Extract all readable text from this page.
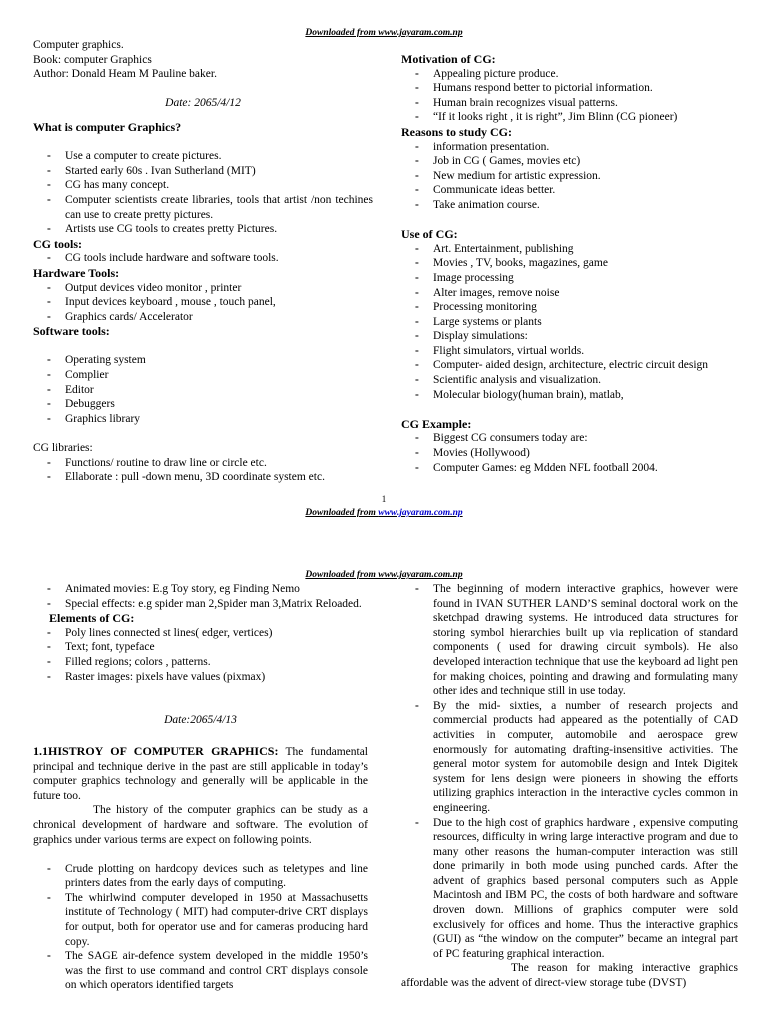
Downloaded from www.jayaram.com.np
Computer graphics.
Book: computer Graphics
Author: Donald Heam M Pauline baker.
Date: 2065/4/12
What is computer Graphics?
- Use a computer to create pictures.
- Started early 60s . Ivan Sutherland (MIT)
- CG has many concept.
- Computer scientists create libraries, tools that artist /non techines can use to create pretty pictures.
- Artists use CG tools to creates pretty Pictures.
CG tools:
- CG tools include hardware and software tools.
Hardware Tools:
- Output devices video monitor , printer
- Input devices keyboard , mouse , touch panel,
- Graphics cards/ Accelerator
Software tools:
- Operating system
- Complier
- Editor
- Debuggers
- Graphics library
CG libraries:
- Functions/ routine to draw line or circle etc.
- Ellaborate : pull -down menu, 3D coordinate system etc.
Motivation of CG:
- Appealing picture produce.
- Humans respond better to pictorial information.
- Human brain recognizes visual patterns.
- “If it looks right , it is right”, Jim Blinn (CG pioneer)
Reasons to study CG:
- information presentation.
- Job in CG ( Games, movies etc)
- New medium for artistic expression.
- Communicate ideas better.
- Take animation course.
Use of CG:
- Art. Entertainment, publishing
- Movies , TV, books, magazines, game
- Image processing
- Alter images, remove noise
- Processing monitoring
- Large systems or plants
- Display simulations:
- Flight simulators, virtual worlds.
- Computer- aided design, architecture, electric circuit design
- Scientific analysis and visualization.
- Molecular biology(human brain), matlab,
CG Example:
- Biggest CG consumers today are:
- Movies (Hollywood)
- Computer Games: eg Mdden NFL football 2004.
1
Downloaded from www.jayaram.com.np
Downloaded from www.jayaram.com.np
- Animated movies: E.g Toy story, eg Finding Nemo
- Special effects: e.g spider man 2,Spider man 3,Matrix Reloaded.
Elements of CG:
- Poly lines connected st lines( edger, vertices)
- Text; font, typeface
- Filled regions; colors , patterns.
- Raster images: pixels have values (pixmax)
Date:2065/4/13

1.1HISTROY OF COMPUTER GRAPHICS: The fundamental principal and technique derive in the past are still applicable in today’s computer graphics technology and generally will be applicable in the future too.

The history of the computer graphics can be study as a chronical development of hardware and software. The evolution of graphics under various terms are expect on following points.

- Crude plotting on hardcopy devices such as teletypes and line printers dates from the early days of computing.
- The whirlwind computer developed in 1950 at Massachusetts institute of Technology ( MIT) had computer-drive CRT displays for output, both for operator use and for cameras producing hard copy.
- The SAGE air-defence system developed in the middle 1950’s was the first to use command and control CRT displays console on which operators identified targets
- The beginning of modern interactive graphics, however were found in IVAN SUTHER LAND’S seminal doctoral work on the sketchpad drawing systems. He introduced data structures for storing symbol hierarchies built up via replication of standard components ( used for drawing circuit symbols). He also developed interaction technique that use the keyboard ad light pen for making choices, pointing and drawing and formulating many other ides and technique still in use today.
- By the mid- sixties, a number of research projects and commercial products had appeared as the potentially of CAD activities in computer, automobile and aerospace grew enormously for automating drafting-insensitive activities. The general motor system for automobile design and Intek Digitek system for lens design were pioneers in showing the efforts utilizing graphics interaction in the interactive cycles common in engineering.
- Due to the high cost of graphics hardware , expensive computing resources, difficulty in wring large interactive program and due to many other reasons the human-computer interaction was still done primarily in both mode using punched cards. After the advent of graphics based personal computers such as Apple Macintosh and IBM PC, the costs of both hardware and software droven down. Millions of graphics computer were sold exclusively for offices and home. Thus the interactive graphics (GUI) as “the window on the computer” became an integral part of PC featuring graphical interaction.

The reason for making interactive graphics affordable was the advent of direct-view storage tube (DVST)
